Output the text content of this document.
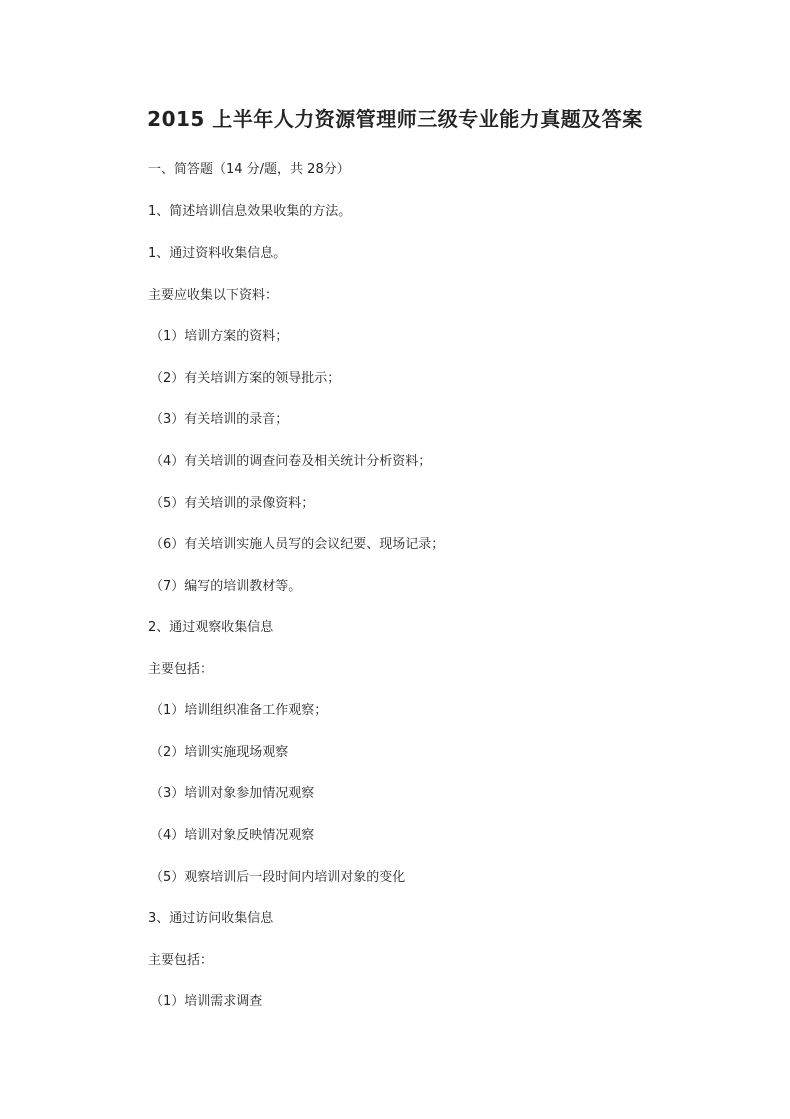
2015 上半年人力资源管理师三级专业能力真题及答案
一、简答题（14 分/题，共 28分）
1、简述培训信息效果收集的方法。
1、通过资料收集信息。
主要应收集以下资料：
（1）培训方案的资料；
（2）有关培训方案的领导批示；
（3）有关培训的录音；
（4）有关培训的调查问卷及相关统计分析资料；
（5）有关培训的录像资料；
（6）有关培训实施人员写的会议纪要、现场记录；
（7）编写的培训教材等。
2、通过观察收集信息
主要包括：
（1）培训组织准备工作观察；
（2）培训实施现场观察
（3）培训对象参加情况观察
（4）培训对象反映情况观察
（5）观察培训后一段时间内培训对象的变化
3、通过访问收集信息
主要包括：
（1）培训需求调查
